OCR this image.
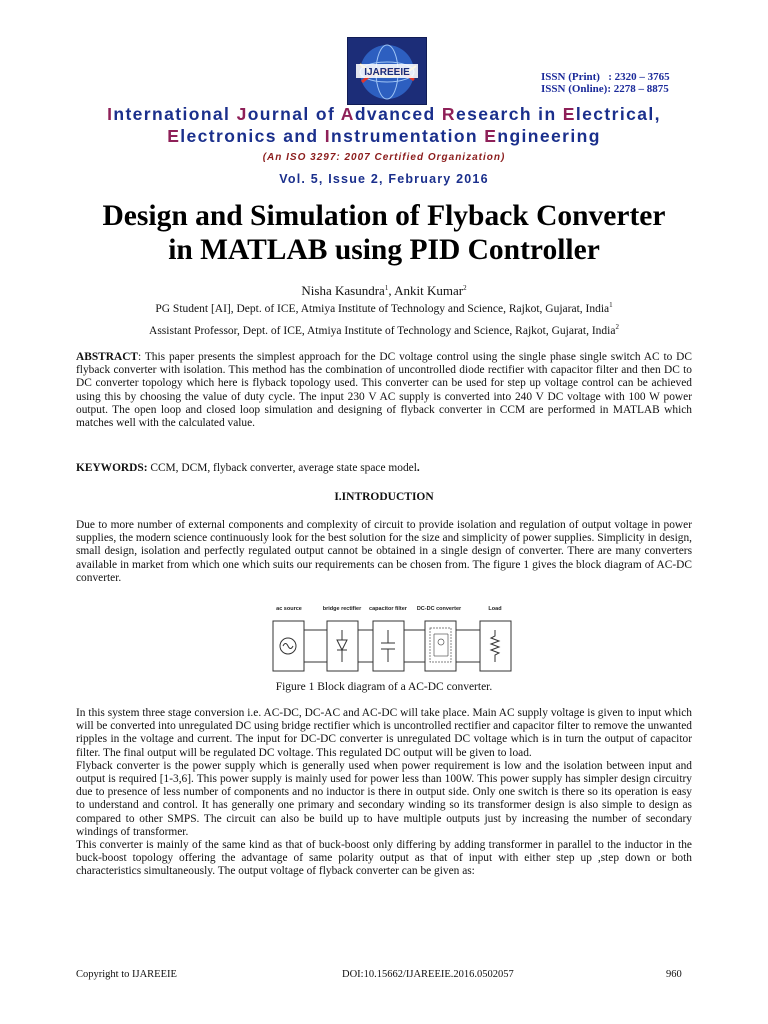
IJAREEIE	ISSN (Print) : 2320 – 3765
ISSN (Online): 2278 – 8875
International Journal of Advanced Research in Electrical,
Electronics and Instrumentation Engineering
(An ISO 3297: 2007 Certified Organization)
Vol. 5, Issue 2, February 2016
Design and Simulation of Flyback Converter
in MATLAB using PID Controller
Nisha Kasundra$^1$, Ankit Kumar$^2$
PG Student [AI], Dept. of ICE, Atmiya Institute of Technology and Science, Rajkot, Gujarat, India$^1$
Assistant Professor, Dept. of ICE, Atmiya Institute of Technology and Science, Rajkot, Gujarat, India$^2$

ABSTRACT: This paper presents the simplest approach for the DC voltage control using the single phase single switch AC to DC flyback converter with isolation. This method has the combination of uncontrolled diode rectifier with capacitor filter and then DC to DC converter topology which here is flyback topology used. This converter can be used for step up voltage control can be achieved using this by choosing the value of duty cycle. The input 230 V AC supply is converted into 240 V DC voltage with 100 W power output. The open loop and closed loop simulation and designing of flyback converter in CCM are performed in MATLAB which matches well with the calculated value.

KEYWORDS: CCM, DCM, flyback converter, average state space model.

I.INTRODUCTION

Due to more number of external components and complexity of circuit to provide isolation and regulation of output voltage in power supplies, the modern science continuously look for the best solution for the size and simplicity of power supplies. Simplicity in design, small design, isolation and perfectly regulated output cannot be obtained in a single design of converter. There are many converters available in market from which one which suits our requirements can be chosen from. The figure 1 gives the block diagram of AC-DC converter.

ac source	bridge rectifier capacitor filter DC-DC converter	Load
Figure 1 Block diagram of a AC-DC converter.

In this system three stage conversion i.e. AC-DC, DC-AC and AC-DC will take place. Main AC supply voltage is given to input which will be converted into unregulated DC using bridge rectifier which is uncontrolled rectifier and capacitor filter to remove the unwanted ripples in the voltage and current. The input for DC-DC converter is unregulated DC voltage which is in turn the output of capacitor filter. The final output will be regulated DC voltage. This regulated DC output will be given to load.
Flyback converter is the power supply which is generally used when power requirement is low and the isolation between input and output is required [1-3,6]. This power supply is mainly used for power less than 100W. This power supply has simpler design circuitry due to presence of less number of components and no inductor is there in output side. Only one switch is there so its operation is easy to understand and control. It has generally one primary and secondary winding so its transformer design is also simple to design as compared to other SMPS. The circuit can also be build up to have multiple outputs just by increasing the number of secondary windings of transformer.
This converter is mainly of the same kind as that of buck-boost only differing by adding transformer in parallel to the inductor in the buck-boost topology offering the advantage of same polarity output as that of input with either step up ,step down or both characteristics simultaneously. The output voltage of flyback converter can be given as:

Copyright to IJAREEIE	DOI:10.15662/IJAREEIE.2016.0502057	960
